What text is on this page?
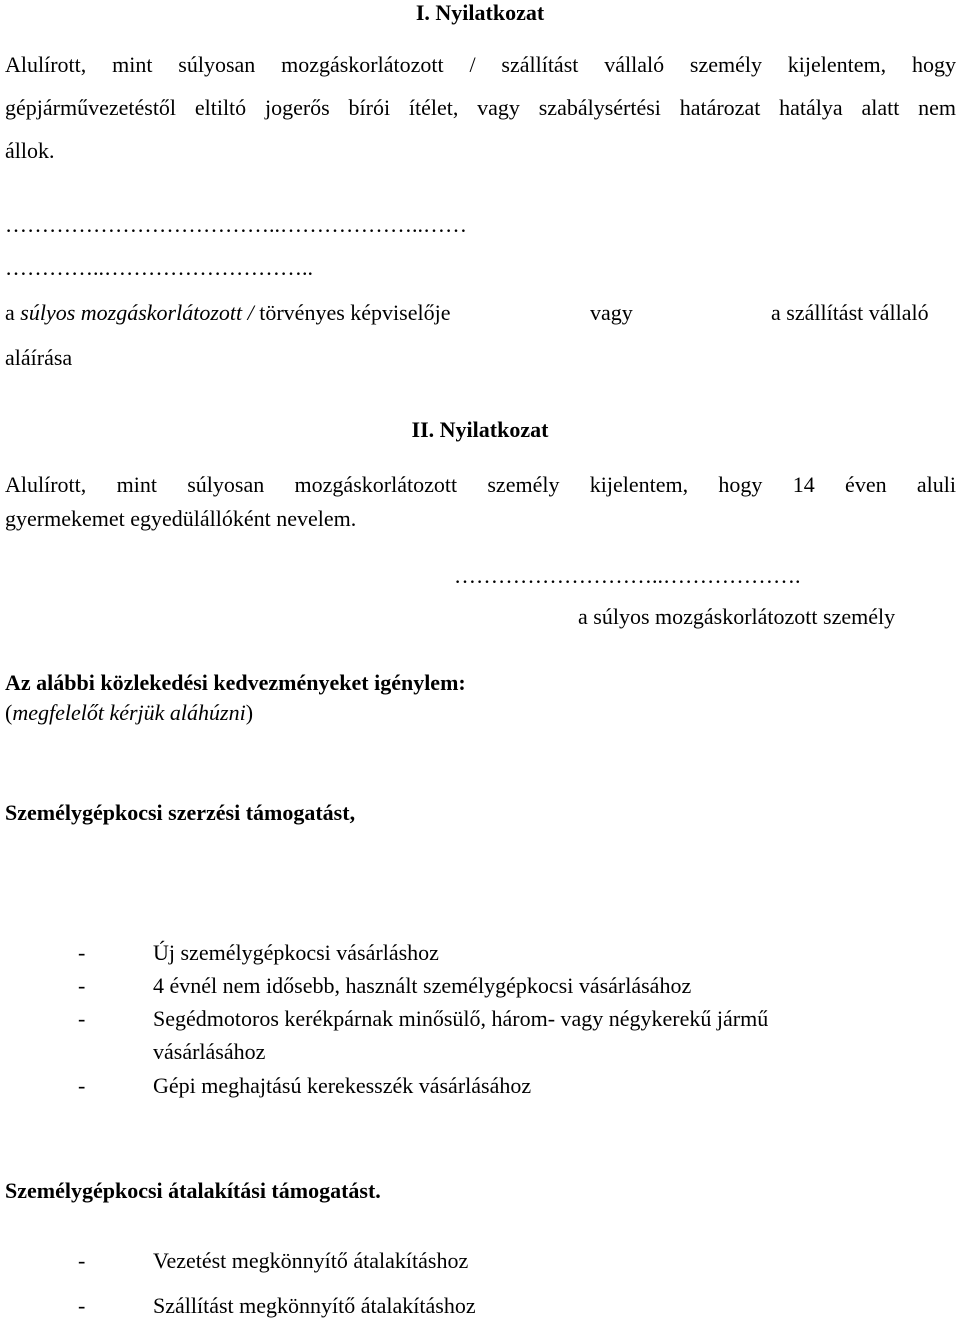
I. Nyilatkozat
Alulírott, mint súlyosan mozgáskorlátozott / szállítást vállaló személy kijelentem, hogy
gépjárművezetéstől eltiltó jogerős bírói ítélet, vagy szabálysértési határozat hatálya alatt nem
állok.
………………………………..………………..……
…………..………………………..
a súlyos mozgáskorlátozott / törvényes képviselője	vagy	a szállítást vállaló
aláírása
II. Nyilatkozat
Alulírott, mint súlyosan mozgáskorlátozott személy kijelentem, hogy 14 éven aluli
gyermekemet egyedülállóként nevelem.
………………………..……………….
a súlyos mozgáskorlátozott személy
Az alábbi közlekedési kedvezményeket igénylem:
(megfelelőt kérjük aláhúzni)
Személygépkocsi szerzési támogatást,
-	Új személygépkocsi vásárláshoz
-	4 évnél nem idősebb, használt személygépkocsi vásárlásához
-	Segédmotoros kerékpárnak minősülő, három- vagy négykerekű jármű
vásárlásához
-	Gépi meghajtású kerekesszék vásárlásához
Személygépkocsi átalakítási támogatást.
-	Vezetést megkönnyítő átalakításhoz
-	Szállítást megkönnyítő átalakításhoz
